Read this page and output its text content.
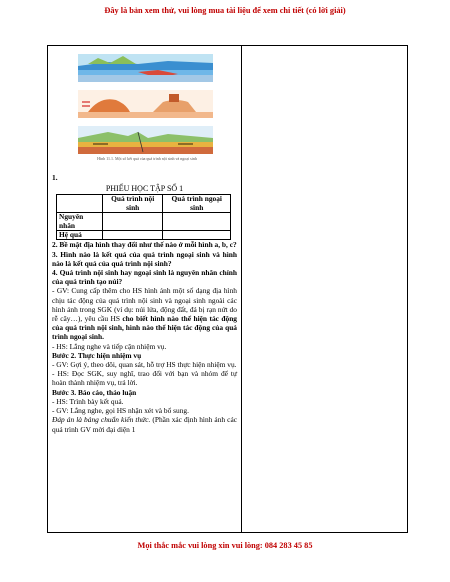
Đây là bản xem thử, vui lòng mua tài liệu để xem chi tiết (có lời giải)
Hình 11.1. Một số kết quả của quá trình nội sinh và ngoại sinh

1.

PHIẾU HỌC TẬP SỐ 1
	Quá trình nội sinh	Quá trình ngoại sinh
Nguyên nhân		
Hệ quả		

2. Bề mặt địa hình thay đổi như thế nào ở mỗi hình a, b, c?

3. Hình nào là kết quả của quá trình ngoại sinh và hình nào là kết quả của quá trình nội sinh?

4. Quá trình nội sinh hay ngoại sinh là nguyên nhân chính của quá trình tạo núi?

- GV: Cung cấp thêm cho HS hình ảnh một số dạng địa hình chịu tác động của quá trình nội sinh và ngoại sinh ngoài các hình ảnh trong SGK (ví dụ: núi lửa, động đất, đá bị rạn nứt do rễ cây…), yêu cầu HS cho biết hình nào thể hiện tác động của quá trình nội sinh, hình nào thể hiện tác động của quá trình ngoại sinh.

- HS: Lắng nghe và tiếp cận nhiệm vụ.

Bước 2. Thực hiện nhiệm vụ

- GV: Gợi ý, theo dõi, quan sát, hỗ trợ HS thực hiện nhiệm vụ.

- HS: Đọc SGK, suy nghĩ, trao đổi với bạn và nhóm để tự hoàn thành nhiệm vụ, trả lời.

Bước 3. Báo cáo, thảo luận

- HS: Trình bày kết quả.

- GV: Lắng nghe, gọi HS nhận xét và bổ sung.

Đáp án là bảng chuẩn kiến thức. (Phần xác định hình ảnh các quá trình GV mời đại diện 1

Mọi thắc mắc vui lòng xin vui lòng: 084 283 45 85
